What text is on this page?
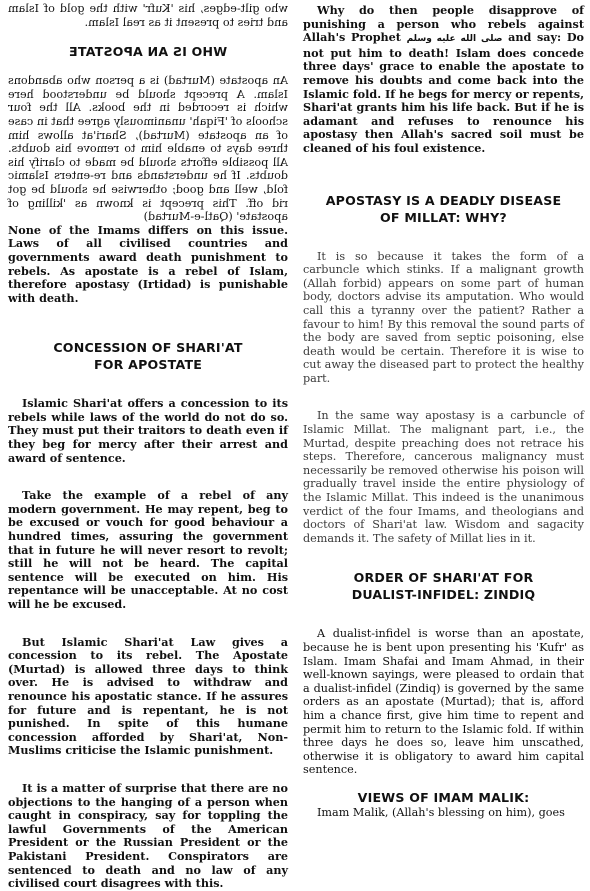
who gilt-edges, his 'Kufr' with the gold of Islam and tries to present it as real Islam.

WHO IS AN APOSTATE

An apostate (Murtad) is a person who abandons Islam. A precept should be understood here which is recorded in the books. All the four schools of 'Fiqah' unanimously agree that in case of an apostate (Murtad), Shari'at allows him three days to enable him to remove his doubts. All possible efforts should be made to clarify his doubts. If he understands and re-enters Islamic fold, well and good; otherwise he should be got rid off. This precept is known as 'killing of apostate' (Qatl-e-Murtad)

None of the Imams differs on this issue. Laws of all civilised countries and governments award death punishment to rebels. As apostate is a rebel of Islam, therefore apostasy (Irtidad) is punishable with death.

CONCESSION OF SHARI'AT
FOR APOSTATE

Islamic Shari'at offers a concession to its rebels while laws of the world do not do so. They must put their traitors to death even if they beg for mercy after their arrest and award of sentence.

Take the example of a rebel of any modern government. He may repent, beg to be excused or vouch for good behaviour a hundred times, assuring the government that in future he will never resort to revolt; still he will not be heard. The capital sentence will be executed on him. His repentance will be unacceptable. At no cost will he be excused.

But Islamic Shari'at Law gives a concession to its rebel. The Apostate (Murtad) is allowed three days to think over. He is advised to withdraw and renounce his apostatic stance. If he assures for future and is repentant, he is not punished. In spite of this humane concession afforded by Shari'at, Non-Muslims criticise the Islamic punishment.

It is a matter of surprise that there are no objections to the hanging of a person when caught in conspiracy, say for toppling the lawful Governments of the American President or the Russian President or the Pakistani President. Conspirators are sentenced to death and no law of any civilised court disagrees with this.

Why do then people disapprove of punishing a person who rebels against Allah's Prophet صلى الله عليه وسلم and say: Do not put him to death! Islam does concede three days' grace to enable the apostate to remove his doubts and come back into the Islamic fold. If he begs for mercy or repents, Shari'at grants him his life back. But if he is adamant and refuses to renounce his apostasy then Allah's sacred soil must be cleaned of his foul existence.

APOSTASY IS A DEADLY DISEASE
OF MILLAT: WHY?

It is so because it takes the form of a carbuncle which stinks. If a malignant growth (Allah forbid) appears on some part of human body, doctors advise its amputation. Who would call this a tyranny over the patient? Rather a favour to him! By this removal the sound parts of the body are saved from septic poisoning, else death would be certain. Therefore it is wise to cut away the diseased part to protect the healthy part.

In the same way apostasy is a carbuncle of Islamic Millat. The malignant part, i.e., the Murtad, despite preaching does not retrace his steps. Therefore, cancerous malignancy must necessarily be removed otherwise his poison will gradually travel inside the entire physiology of the Islamic Millat. This indeed is the unanimous verdict of the four Imams, and theologians and doctors of Shari'at law. Wisdom and sagacity demands it. The safety of Millat lies in it.

ORDER OF SHARI'AT FOR
DUALIST-INFIDEL: ZINDIQ

A dualist-infidel is worse than an apostate, because he is bent upon presenting his 'Kufr' as Islam. Imam Shafai and Imam Ahmad, in their well-known sayings, were pleased to ordain that a dualist-infidel (Zindiq) is governed by the same orders as an apostate (Murtad); that is, afford him a chance first, give him time to repent and permit him to return to the Islamic fold. If within three days he does so, leave him unscathed, otherwise it is obligatory to award him capital sentence.

VIEWS OF IMAM MALIK:

Imam Malik, (Allah's blessing on him), goes
